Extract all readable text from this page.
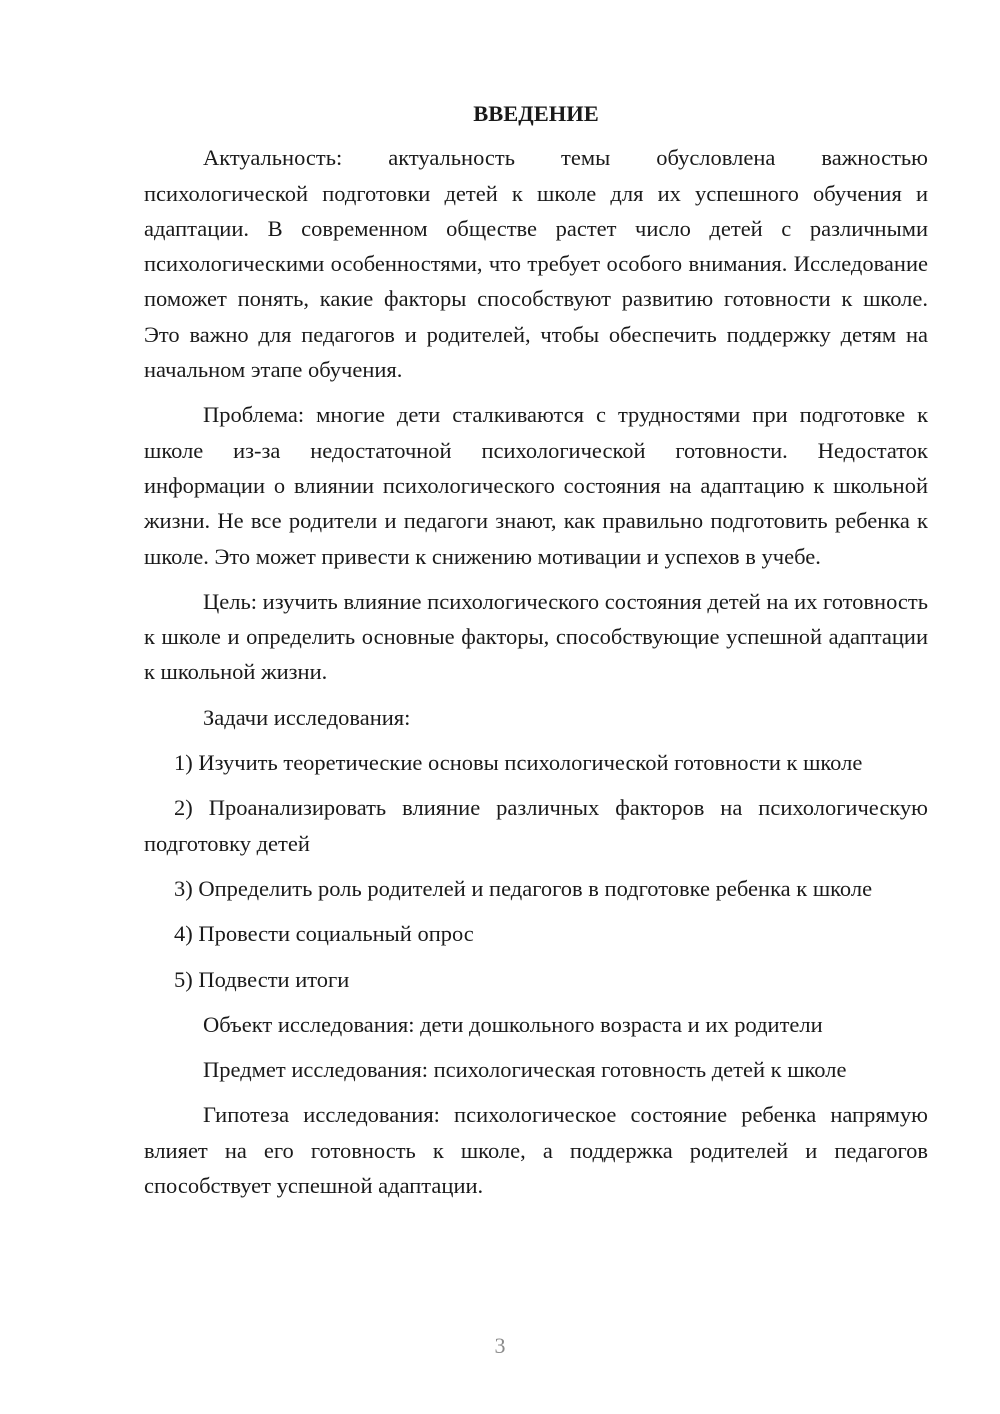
ВВЕДЕНИЕ

Актуальность: актуальность темы обусловлена важностью психологической подготовки детей к школе для их успешного обучения и адаптации. В современном обществе растет число детей с различными психологическими особенностями, что требует особого внимания. Исследование поможет понять, какие факторы способствуют развитию готовности к школе. Это важно для педагогов и родителей, чтобы обеспечить поддержку детям на начальном этапе обучения.

Проблема: многие дети сталкиваются с трудностями при подготовке к школе из-за недостаточной психологической готовности. Недостаток информации о влиянии психологического состояния на адаптацию к школьной жизни. Не все родители и педагоги знают, как правильно подготовить ребенка к школе. Это может привести к снижению мотивации и успехов в учебе.

Цель: изучить влияние психологического состояния детей на их готовность к школе и определить основные факторы, способствующие успешной адаптации к школьной жизни.

Задачи исследования:

1) Изучить теоретические основы психологической готовности к школе

2) Проанализировать влияние различных факторов на психологическую подготовку детей

3) Определить роль родителей и педагогов в подготовке ребенка к школе

4) Провести социальный опрос

5) Подвести итоги

Объект исследования: дети дошкольного возраста и их родители

Предмет исследования: психологическая готовность детей к школе

Гипотеза исследования: психологическое состояние ребенка напрямую влияет на его готовность к школе, а поддержка родителей и педагогов способствует успешной адаптации.

3
